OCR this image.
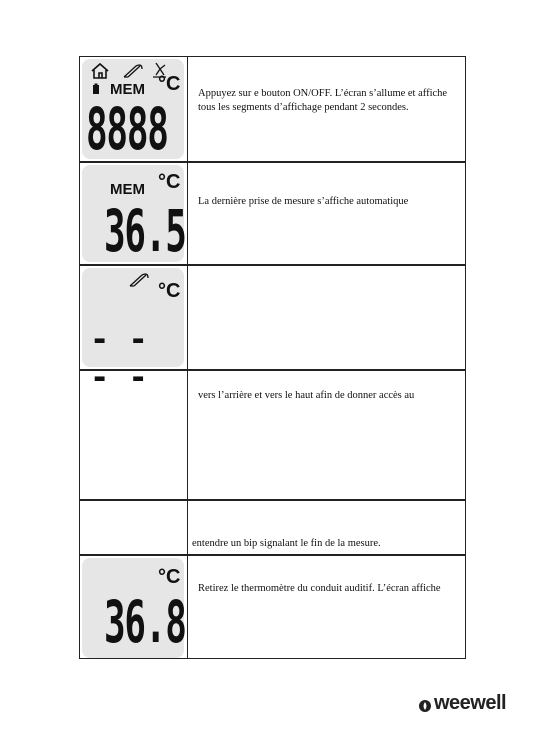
MEM °C
8888
Appuyez sur e bouton ON/OFF. L’écran s’allume et affiche
tous les segments d’affichage pendant 2 secondes.
MEM °C
36.5 La dernière prise de mesure s’affiche automatique
°C
- - - -	vers l’arrière et vers le haut afin de donner accès au
entendre un bip signalant le fin de la mesure.
°C
36.8 Retirez le thermomètre du conduit auditif. L’écran affiche
weewell
